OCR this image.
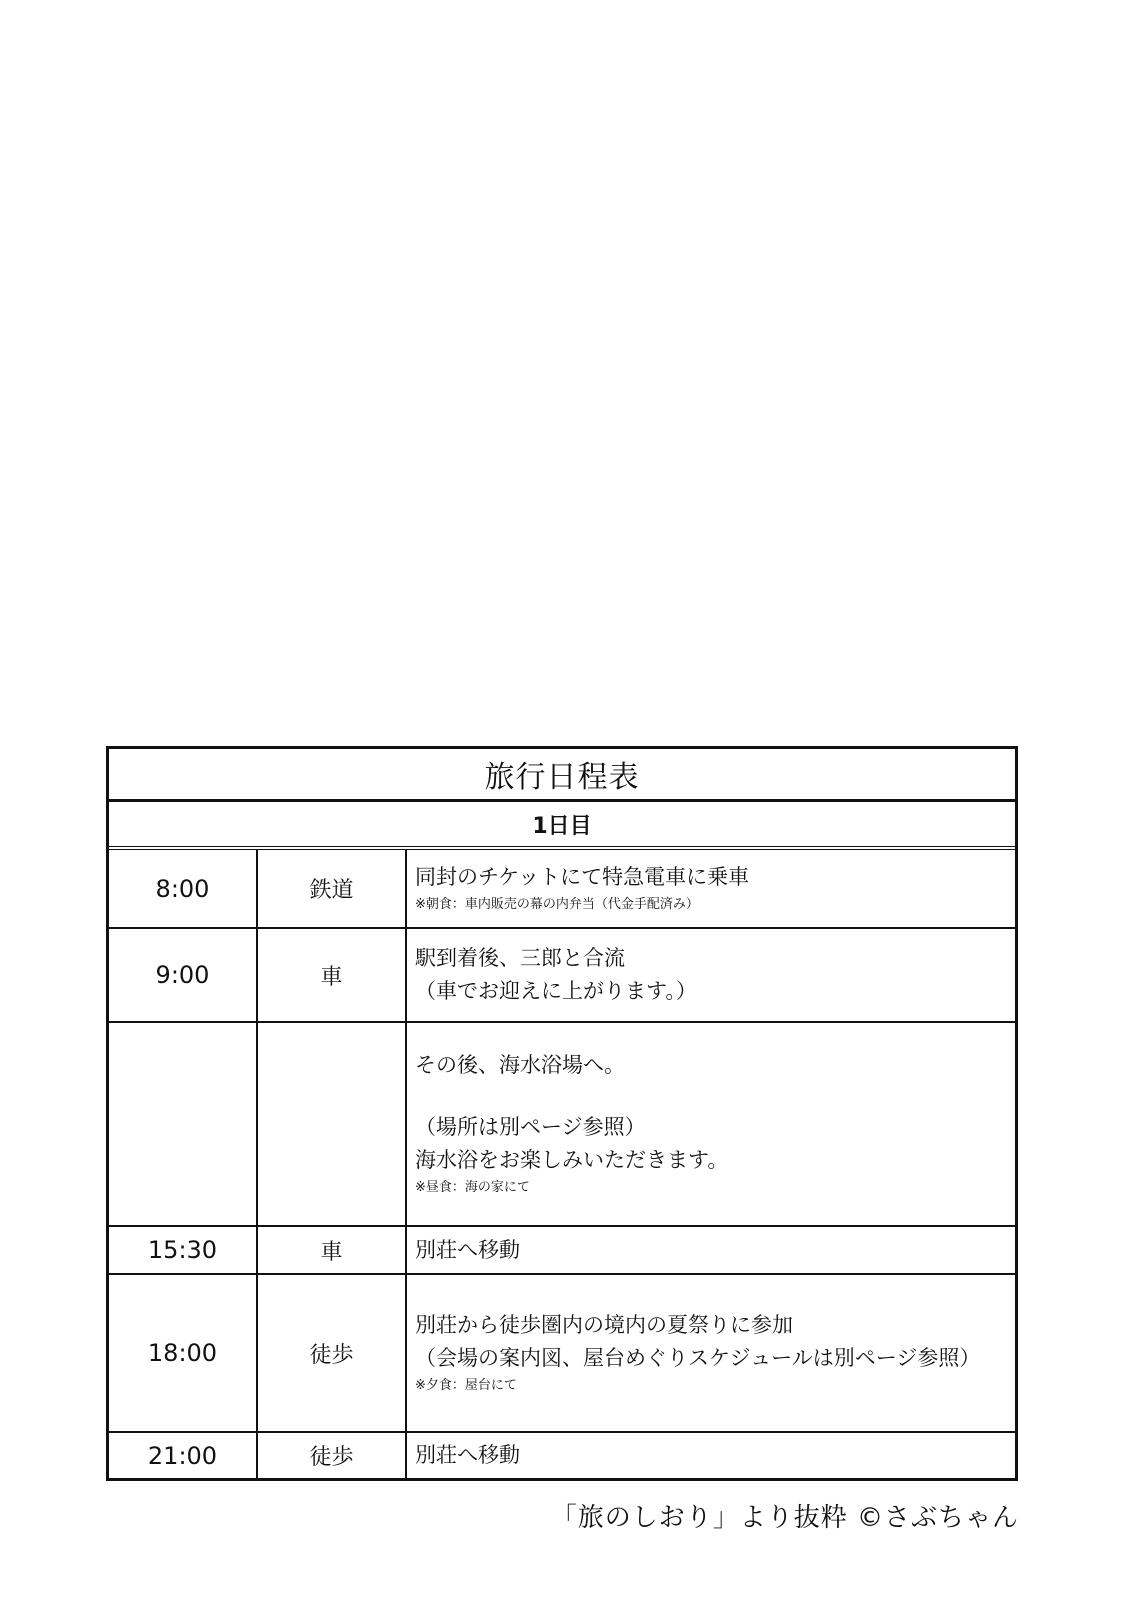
旅行日程表
1日目
8:00	鉄道	同封のチケットにて特急電車に乗車
※朝食：車内販売の幕の内弁当（代金手配済み）

9:00	車	駅到着後、三郎と合流
（車でお迎えに上がります。）

		その後、海水浴場へ。
（場所は別ページ参照）
海水浴をお楽しみいただきます。
※昼食：海の家にて

15:30	車	別荘へ移動

18:00	徒歩	別荘から徒歩圏内の境内の夏祭りに参加
（会場の案内図、屋台めぐりスケジュールは別ページ参照）
※夕食：屋台にて

21:00	徒歩	別荘へ移動
「旅のしおり」より抜粋 ©さぶちゃん
